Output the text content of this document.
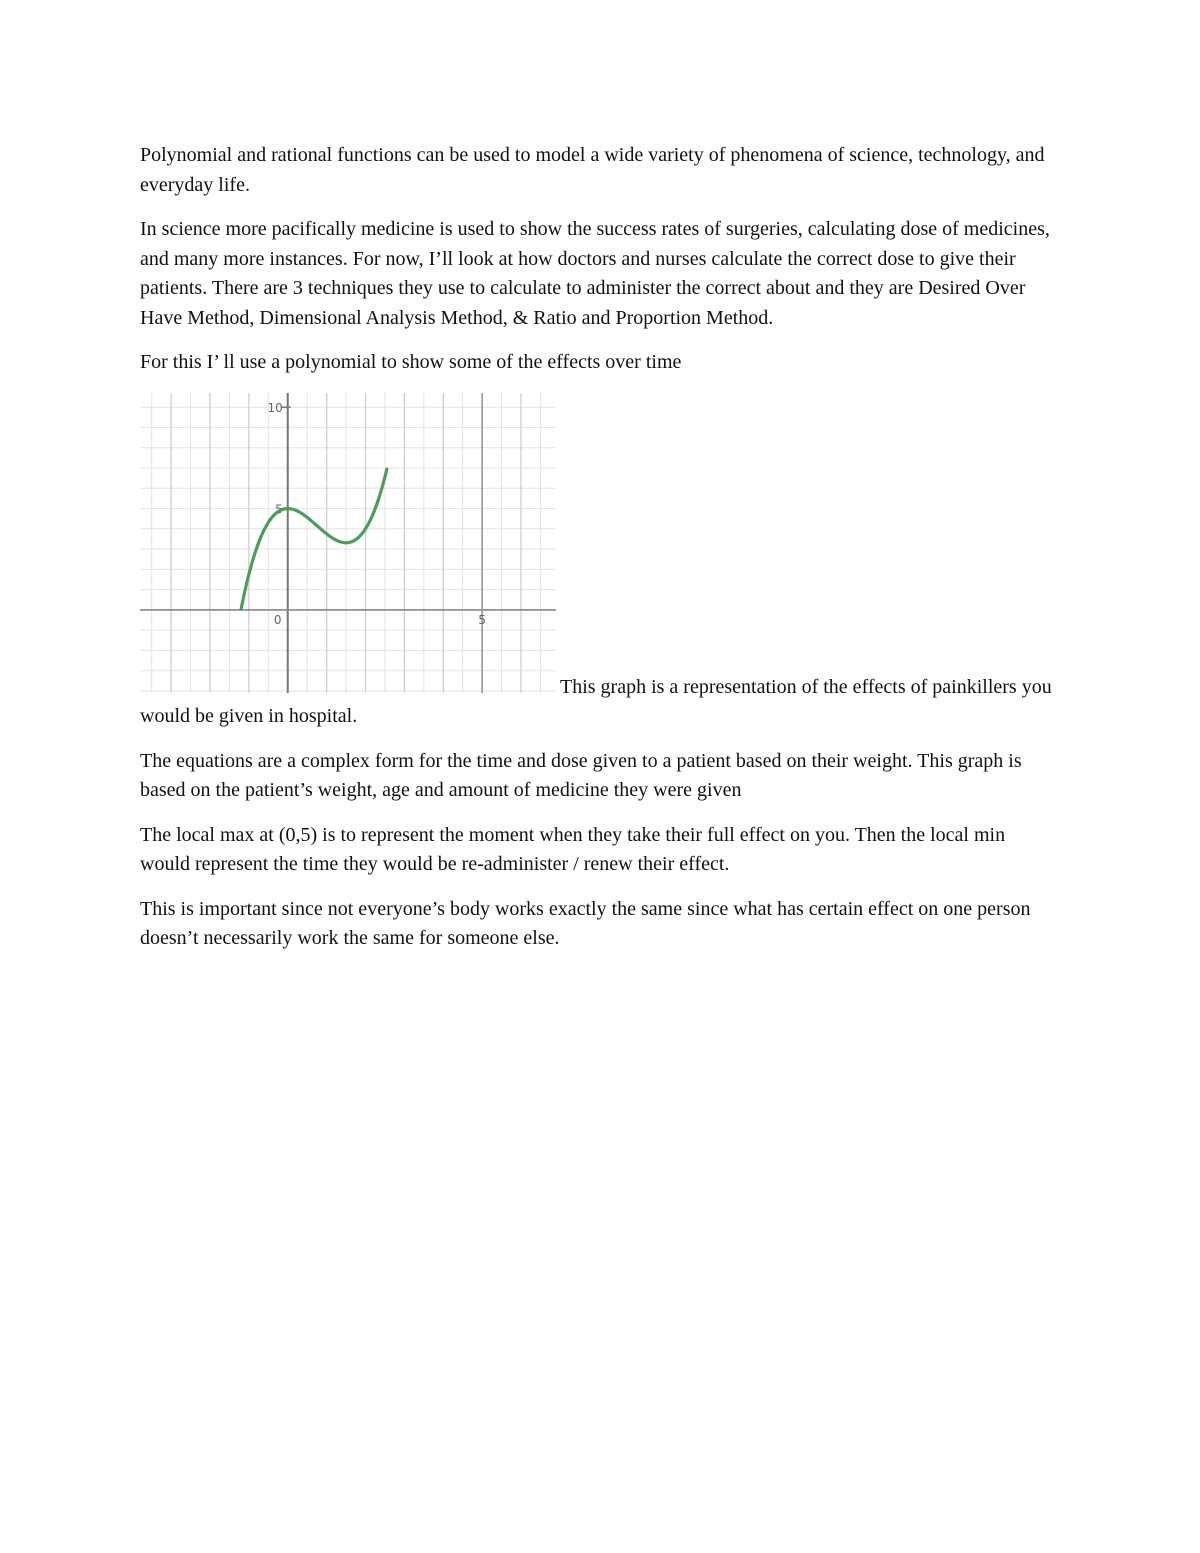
Polynomial and rational functions can be used to model a wide variety of phenomena of science, technology, and everyday life.

In science more pacifically medicine is used to show the success rates of surgeries, calculating dose of medicines, and many more instances. For now, I’ll look at how doctors and nurses calculate the correct dose to give their patients. There are 3 techniques they use to calculate to administer the correct about and they are Desired Over Have Method, Dimensional Analysis Method, & Ratio and Proportion Method.

For this I’ ll use a polynomial to show some of the effects over time

10
5
0	5
This graph is a representation of the effects of painkillers you would be given in hospital.

The equations are a complex form for the time and dose given to a patient based on their weight. This graph is based on the patient’s weight, age and amount of medicine they were given

The local max at (0,5) is to represent the moment when they take their full effect on you. Then the local min would represent the time they would be re-administer / renew their effect.

This is important since not everyone’s body works exactly the same since what has certain effect on one person doesn’t necessarily work the same for someone else.
